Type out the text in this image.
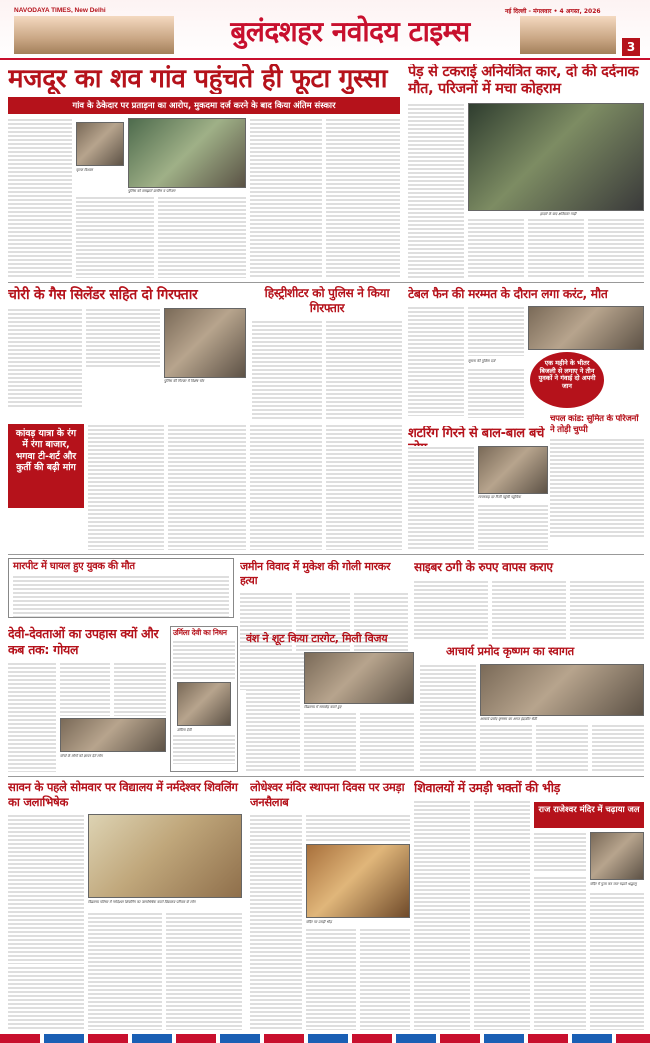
NAVODAYA TIMES, New Delhi
बुलंदशहर नवोदय टाइम्स
नई दिल्ली - मंगलवार • 4 अगस्त, 2026
3
मजदूर का शव गांव पहुंचते ही फूटा गुस्सा
गांव के ठेकेदार पर प्रताड़ना का आरोप, मुकदमा दर्ज करने के बाद किया अंतिम संस्कार
मृतक विशाल
पुलिस को समझाते ग्रामीण व परिजन
पेड़ से टकराई अनियंत्रित कार, दो की दर्दनाक मौत, परिजनों में मचा कोहराम
हादसे के बाद क्षतिग्रस्त गाड़ी
चोरी के गैस सिलेंडर सहित दो गिरफ्तार
पुलिस की गिरफ्त में विशेष चोर
हिस्ट्रीशीटर को पुलिस ने किया गिरफ्तार
टेबल फैन की मरम्मत के दौरान लगा करंट, मौत
सूचना की पुलिस दर्ज	एक महीने के भीतर बिजली से लगाए ने तीन युवकों ने गंवाई दो अपनी जान
चपल कांड: सुमित के परिजनों ने तोड़ी चुप्पी
कांवड़ यात्रा के रंग में रंगा बाजार, भगवा टी-शर्ट और कुर्ती की बढ़ी मांग
शटरिंग गिरने से बाल-बाल बचे
लापरवाह दर रिजी पहुंची पहुंचिक
मारपीट में घायल हुए युवक की मौत	जमीन विवाद में मुकेश की गोली मारकर हत्या
साइबर ठगी के रुपए वापस कराए
देवी-देवताओं का उपहास क्यों और कब तक: गोयल
मोर्चा के लोगों को ज्ञापन देते लोग
उर्मिला देवी का निधन
उर्मिला देवी
वंश ने शूट किया टारगेट, मिली विजय
विद्यालय में समारोह करते हुए
आचार्य प्रमोद कृष्णम का स्वागत
आचार्य प्रमोद कृष्णम का अगत इंद्रजीत सेठी
सावन के पहले सोमवार पर विद्यालय में नर्मदेश्वर शिवलिंग का जलाभिषेक
विद्यालय परिसर में नर्मदेश्वर शिवलिंग का जलाभिषेक करते विद्यालय परिवार के लोग
लोधेश्वर मंदिर स्थापना दिवस पर उमड़ा जनसैलाब
मंदिर पर उमड़ी भीड़
शिवालयों में उमड़ी भक्तों की भीड़
राज राजेश्वर मंदिर में चढ़ाया जल
मंदिर में पूजा कर जल चढ़ाते श्रद्धालु
